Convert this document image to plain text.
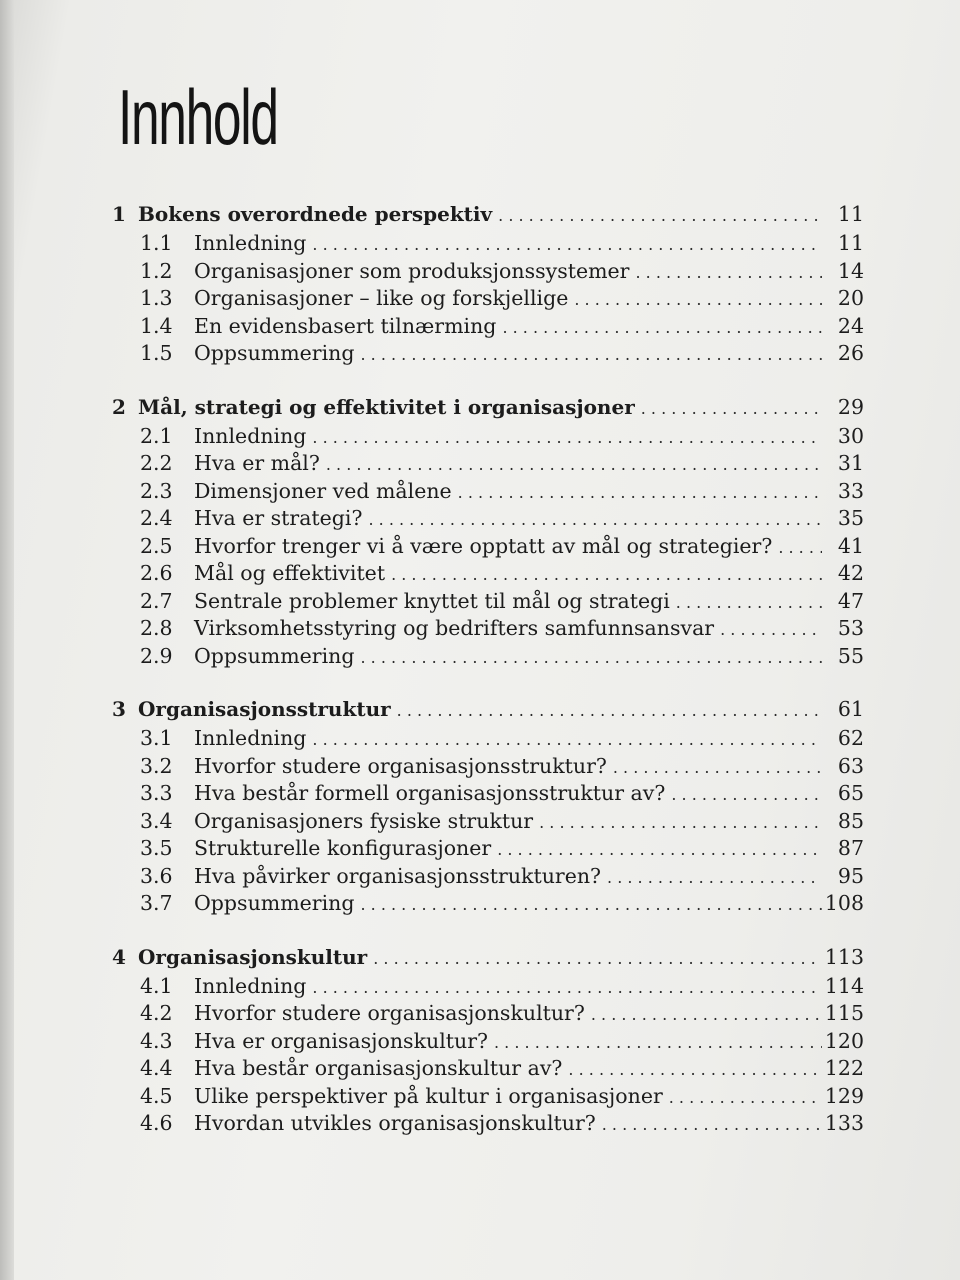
Innhold
1 Bokens overordnede perspektiv . . .	11
1.1	Innledning . . .	11
1.2	Organisasjoner som produksjonssystemer . . .	14
1.3	Organisasjoner – like og forskjellige . . .	20
1.4	En evidensbasert tilnærming . . .	24
1.5	Oppsummering . . .	26
2 Mål, strategi og effektivitet i organisasjoner . . .	29
2.1	Innledning . . .	30
2.2	Hva er mål? . . .	31
2.3	Dimensjoner ved målene . . .	33
2.4	Hva er strategi? . . .	35
2.5	Hvorfor trenger vi å være opptatt av mål og strategier? . . .	41
2.6	Mål og effektivitet . . .	42
2.7	Sentrale problemer knyttet til mål og strategi . . .	47
2.8	Virksomhetsstyring og bedrifters samfunnsansvar . . .	53
2.9	Oppsummering . . .	55
3 Organisasjonsstruktur . . .	61
3.1	Innledning . . .	62
3.2	Hvorfor studere organisasjonsstruktur? . . .	63
3.3	Hva består formell organisasjonsstruktur av? . . .	65
3.4	Organisasjoners fysiske struktur . . .	85
3.5	Strukturelle konfigurasjoner . . .	87
3.6	Hva påvirker organisasjonsstrukturen? . . .	95
3.7	Oppsummering . . .	108
4 Organisasjonskultur . . .	113
4.1	Innledning . . .	114
4.2	Hvorfor studere organisasjonskultur? . . .	115
4.3	Hva er organisasjonskultur? . . .	120
4.4	Hva består organisasjonskultur av? . . .	122
4.5	Ulike perspektiver på kultur i organisasjoner . . .	129
4.6	Hvordan utvikles organisasjonskultur? . . .	133
